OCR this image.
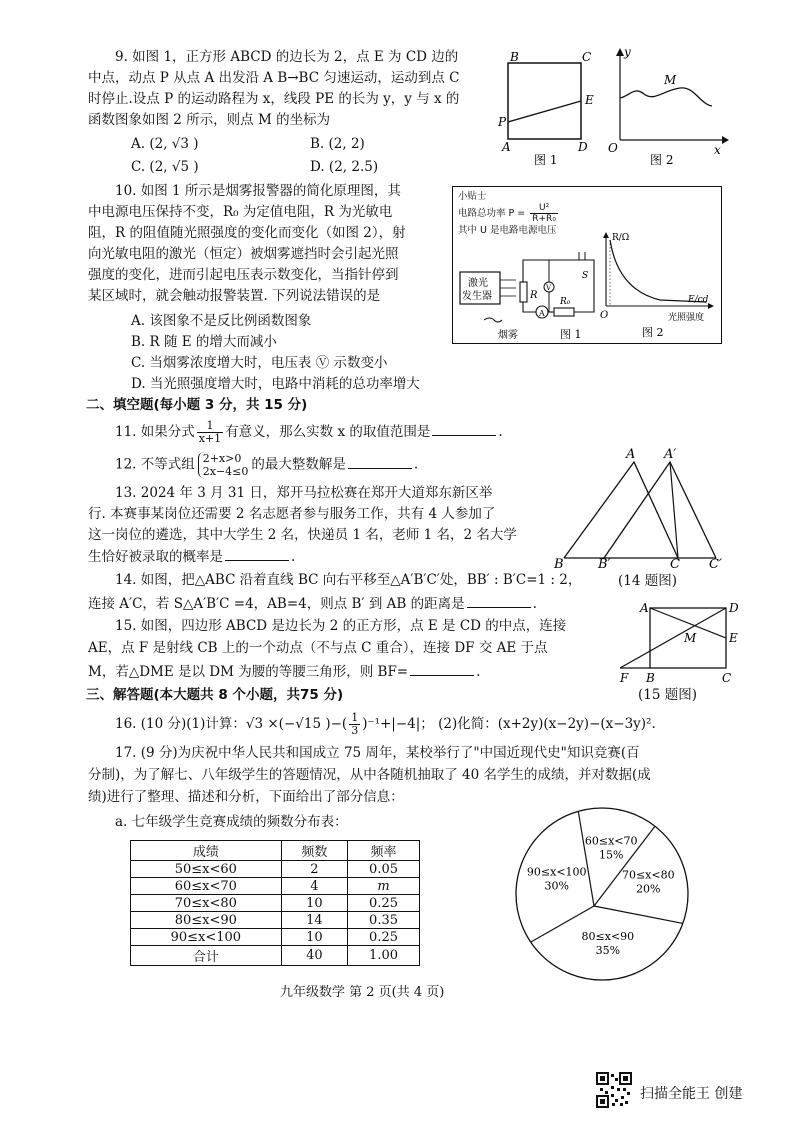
9. 如图 1，正方形 ABCD 的边长为 2，点 E 为 CD 边的
中点，动点 P 从点 A 出发沿 A B→BC 匀速运动，运动到点 C
时停止.设点 P 的运动路程为 x，线段 PE 的长为 y，y 与 x 的
函数图象如图 2 所示，则点 M 的坐标为
A. (2, √3 )	B. (2, 2)
C. (2, √5 )	D. (2, 2.5)
B	C
E
P
A	D
图 1
y
M
O	x
图 2
10. 如图 1 所示是烟雾报警器的简化原理图，其
中电源电压保持不变，R₀ 为定值电阻，R 为光敏电
阻，R 的阻值随光照强度的变化而变化（如图 2），射
向光敏电阻的激光（恒定）被烟雾遮挡时会引起光照
强度的变化，进而引起电压表示数变化，当指针停到
某区域时，就会触动报警装置. 下列说法错误的是
A. 该图象不是反比例函数图象
B. R 随 E 的增大而减小
C. 当烟雾浓度增大时，电压表 Ⓥ 示数变小
D. 当光照强度增大时，电路中消耗的总功率增大
小贴士
电路总功率 $P = \frac{\text{U²}}{\text{R+R₀}}$
其中 U 是电路电源电压
激光
发生器	R
A
R₀
V
S
烟雾	图 1
R/Ω
O
E/cd
光照强度
图 2
二、填空题(每小题 3 分，共 15 分)
11. 如果分式 $\frac{1}{x+1}$ 有意义，那么实数 x 的取值范围是	.
12. 不等式组 2+x>0
2x−4≤0 的最大整数解是	.
13. 2024 年 3 月 31 日，郑开马拉松赛在郑开大道郑东新区举
行. 本赛事某岗位还需要 2 名志愿者参与服务工作，共有 4 人参加了
这一岗位的遴选，其中大学生 2 名，快递员 1 名，老师 1 名，2 名大学
生恰好被录取的概率是	.
A A′
B	B′	C C′
14. 如图，把△ABC 沿着直线 BC 向右平移至△A′B′C′处，BB′ : B′C=1 : 2，	(14 题图)
连接 A′C，若 S△A′B′C =4，AB=4，则点 B′ 到 AB 的距离是	.
15. 如图，四边形 ABCD 是边长为 2 的正方形，点 E 是 CD 的中点，连接
AE，点 F 是射线 CB 上的一个动点（不与点 C 重合），连接 DF 交 AE 于点
M，若△DME 是以 DM 为腰的等腰三角形，则 BF=	.
A	D
M	E
F B	C
(15 题图)
三、解答题(本大题共 8 个小题，共75 分)
16. (10 分)(1)计算：√3 ×(−√15 )−( $\frac{1}{3} )^{-1}+|-4|$； (2)化简：(x+2y)(x−2y)−(x−3y)².
17. (9 分)为庆祝中华人民共和国成立 75 周年，某校举行了"中国近现代史"知识竞赛(百
分制)，为了解七、八年级学生的答题情况，从中各随机抽取了 40 名学生的成绩，并对数据(成
绩)进行了整理、描述和分析，下面给出了部分信息：
a. 七年级学生竞赛成绩的频数分布表：
成绩	频数	频率
50≤x<60	2	0.05
60≤x<70	4	m
70≤x<80	10	0.25
80≤x<90	14	0.35
90≤x<100	10	0.25
合计	40	1.00
60≤x<70
15%
70≤x<80
20%
80≤x<90
35%
90≤x<100
30%
九年级数学 第 2 页(共 4 页)
扫描全能王 创建
